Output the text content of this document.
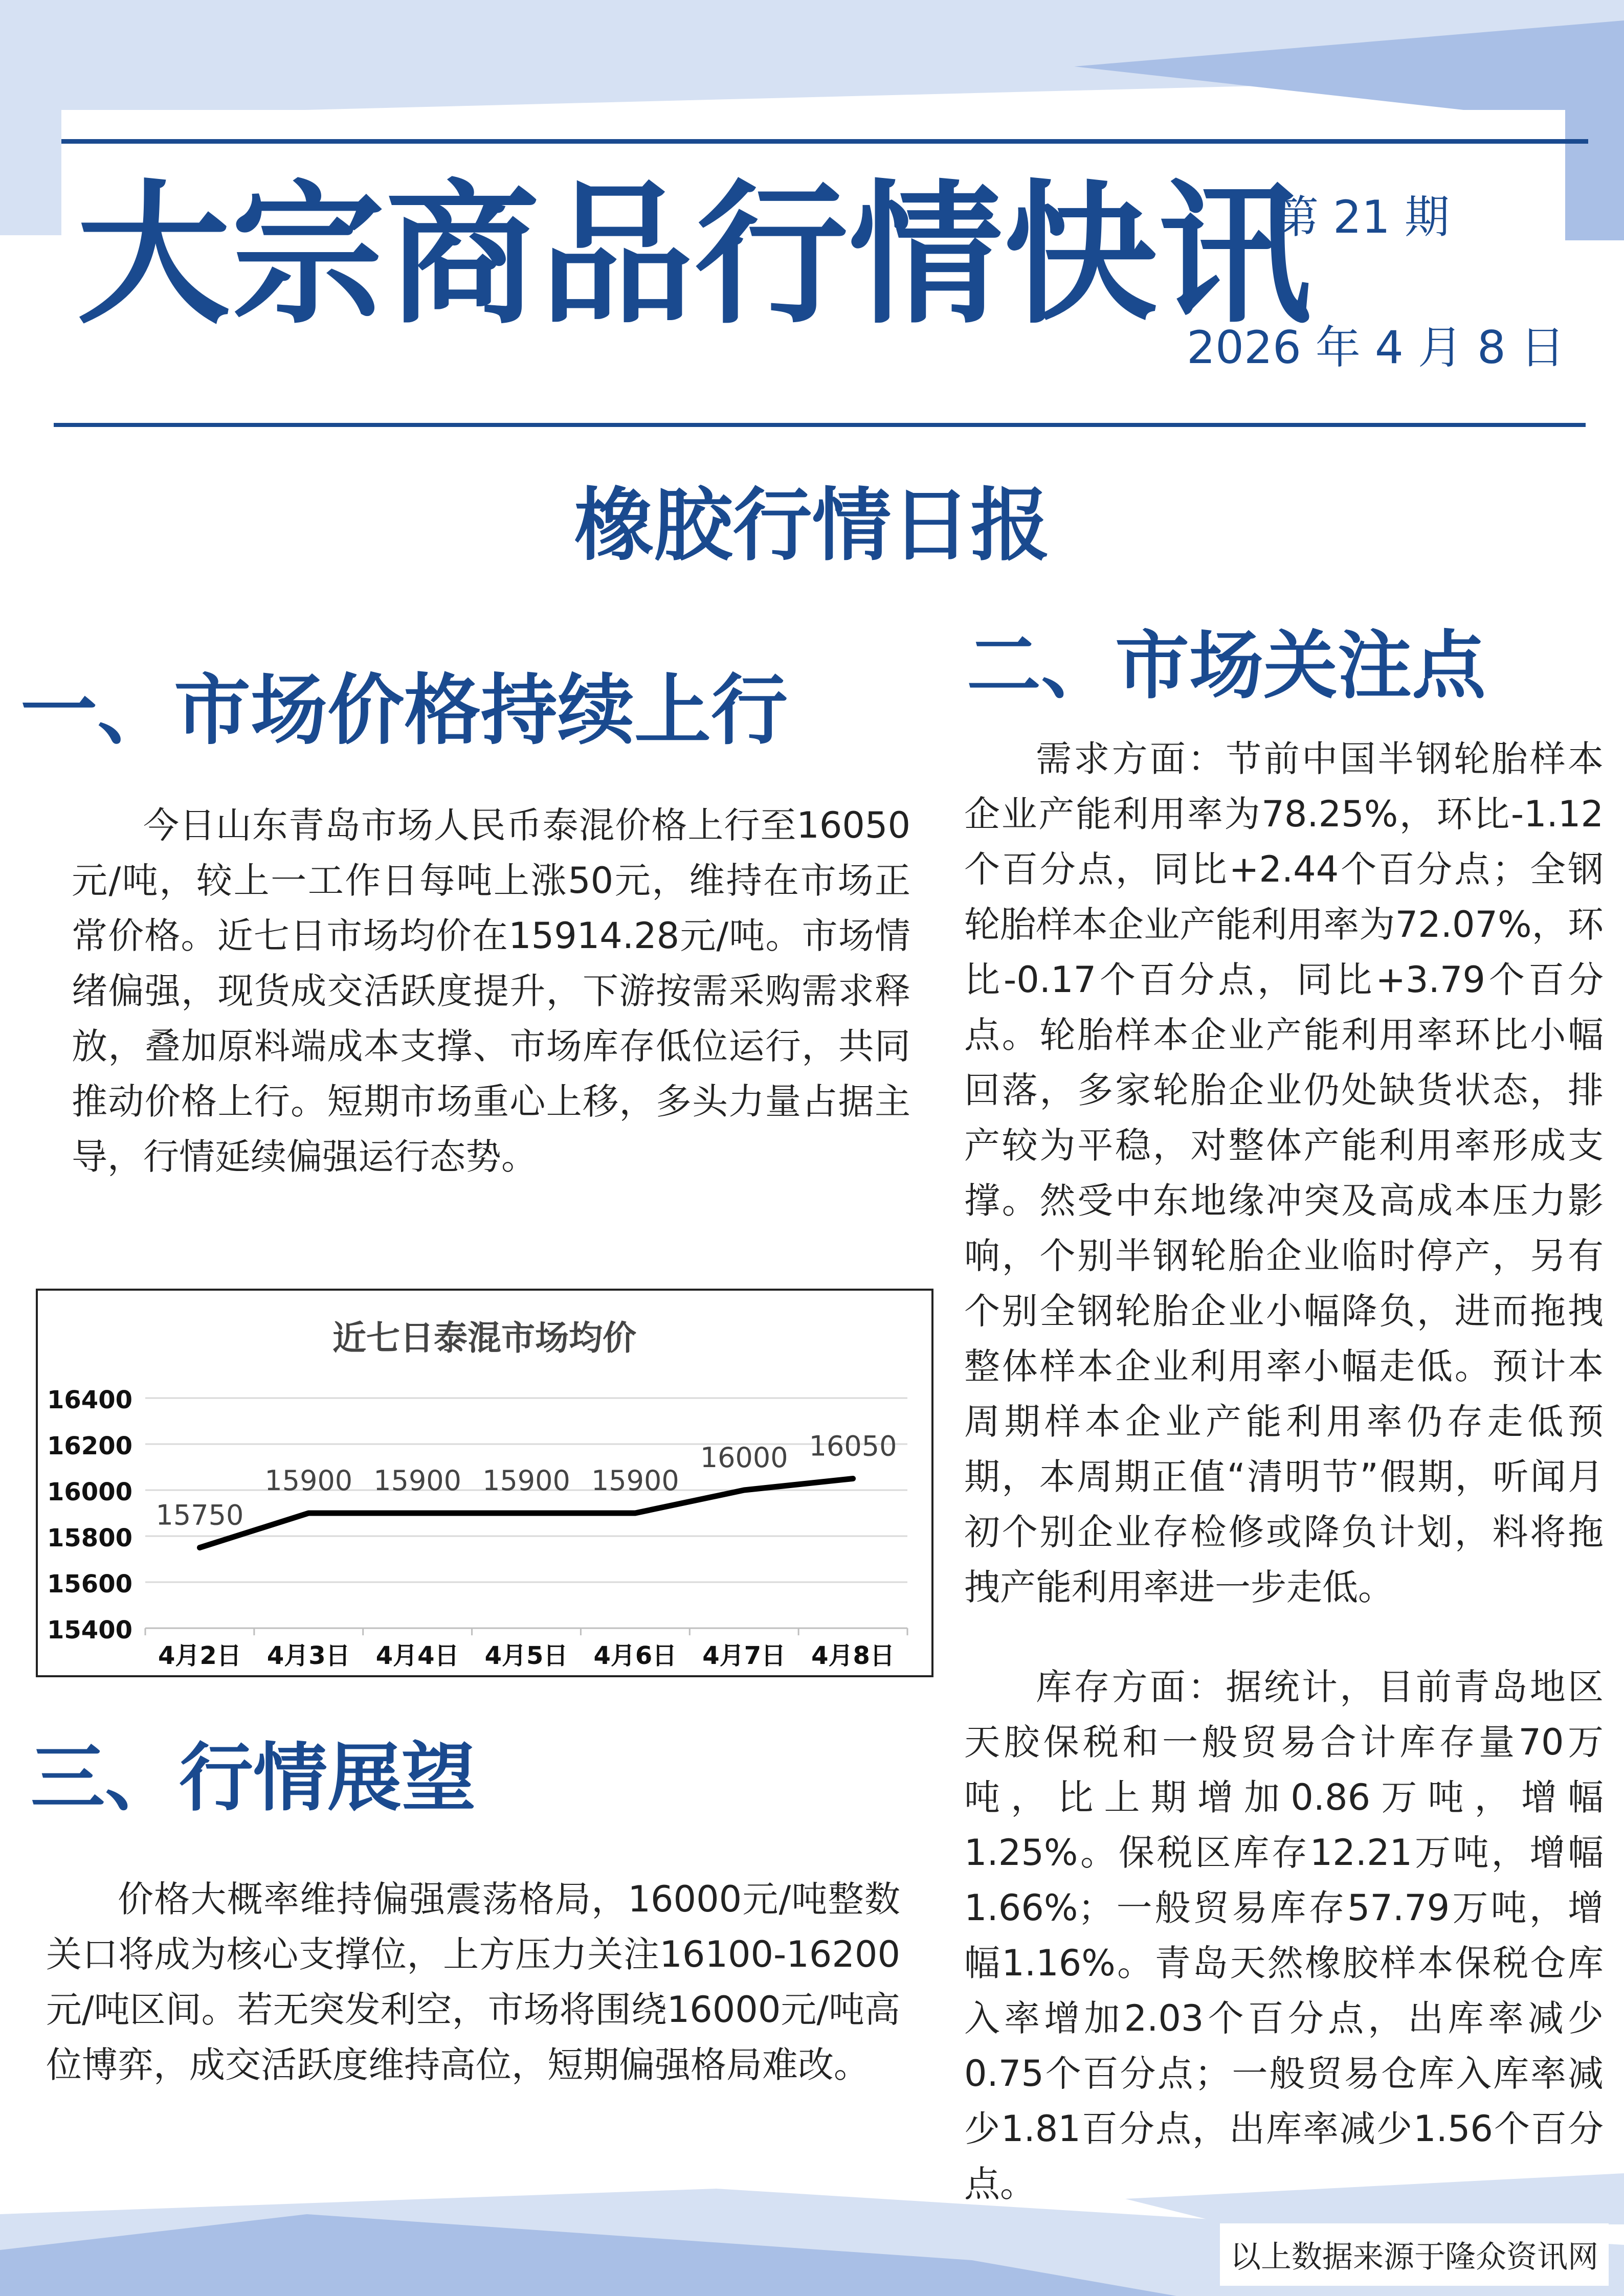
大宗商品行情快讯
第 21 期
2026 年 4 月 8 日
橡胶行情日报
一、市场价格持续上行
今日山东青岛市场人民币泰混价格上行至16050元/吨，较上一工作日每吨上涨50元，维持在市场正常价格。近七日市场均价在15914.28元/吨。市场情绪偏强，现货成交活跃度提升，下游按需采购需求释放，叠加原料端成本支撑、市场库存低位运行，共同推动价格上行。短期市场重心上移，多头力量占据主导，行情延续偏强运行态势。
近七日泰混市场均价
16400
16200
16000
15800
15600
15400
4月2日 4月3日 4月4日 4月5日 4月6日 4月7日 4月8日
15750
15900 15900 15900 15900
16000 16050
三、行情展望
价格大概率维持偏强震荡格局，16000元/吨整数关口将成为核心支撑位，上方压力关注16100-16200元/吨区间。若无突发利空，市场将围绕16000元/吨高位博弈，成交活跃度维持高位，短期偏强格局难改。
二、市场关注点
需求方面：节前中国半钢轮胎样本企业产能利用率为78.25%，环比-1.12个百分点，同比+2.44个百分点；全钢轮胎样本企业产能利用率为72.07%，环比-0.17个百分点，同比+3.79个百分点。轮胎样本企业产能利用率环比小幅回落，多家轮胎企业仍处缺货状态，排产较为平稳，对整体产能利用率形成支撑。然受中东地缘冲突及高成本压力影响，个别半钢轮胎企业临时停产，另有个别全钢轮胎企业小幅降负，进而拖拽整体样本企业利用率小幅走低。预计本周期样本企业产能利用率仍存走低预期，本周期正值“清明节”假期，听闻月初个别企业存检修或降负计划，料将拖拽产能利用率进一步走低。
库存方面：据统计，目前青岛地区天胶保税和一般贸易合计库存量70万吨，比上期增加0.86万吨，增幅1.25%。保税区库存12.21万吨，增幅1.66%；一般贸易库存57.79万吨，增幅1.16%。青岛天然橡胶样本保税仓库入率增加2.03个百分点，出库率减少0.75个百分点；一般贸易仓库入库率减少1.81百分点，出库率减少1.56个百分点。
以上数据来源于隆众资讯网
